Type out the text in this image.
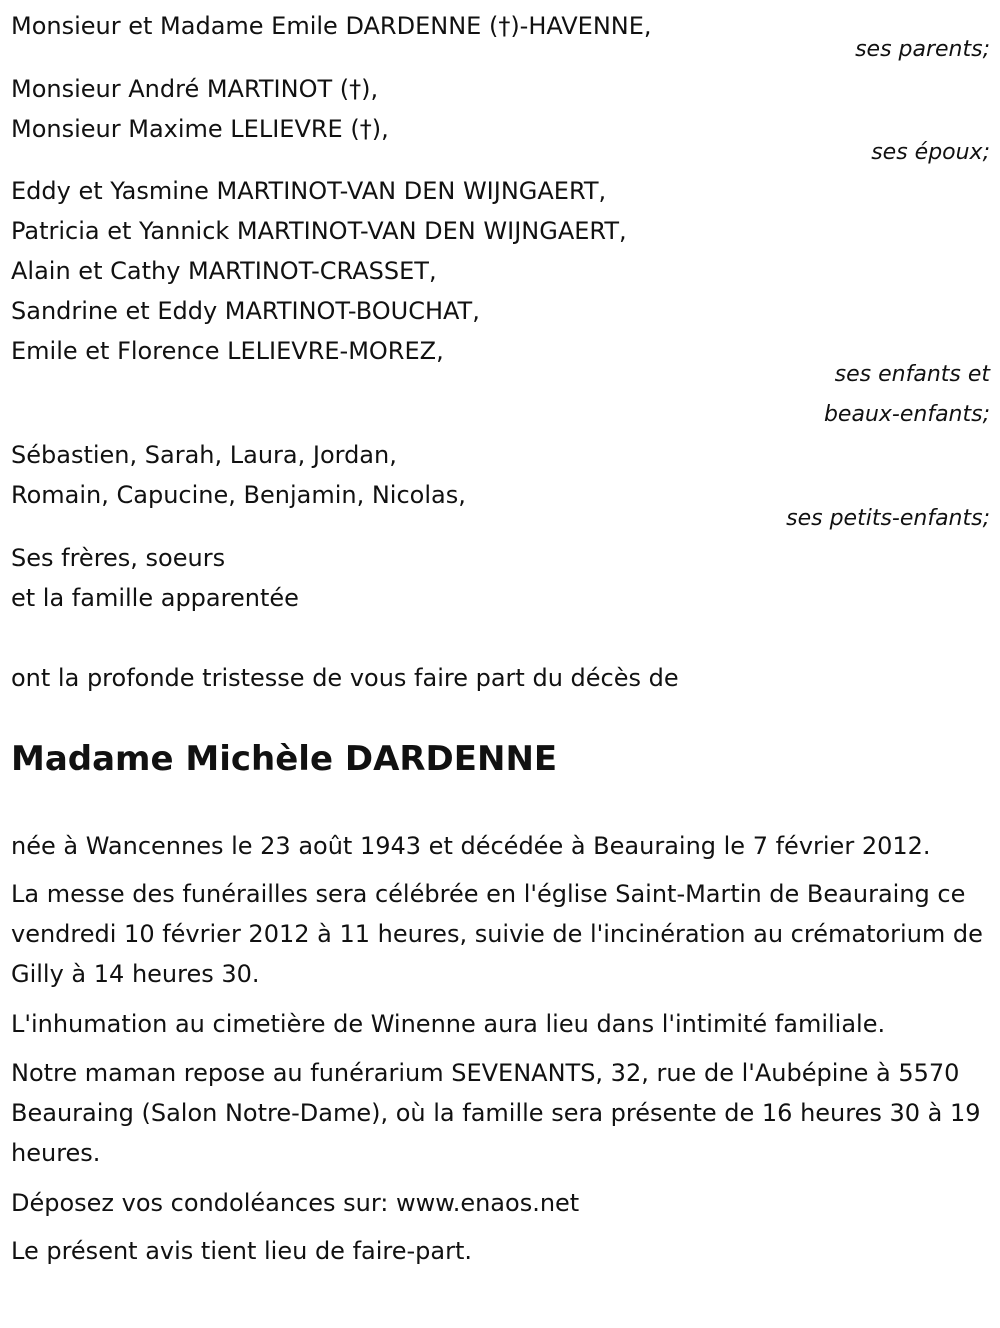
Monsieur et Madame Emile DARDENNE (†)-HAVENNE,
ses parents;
Monsieur André MARTINOT (†),
Monsieur Maxime LELIEVRE (†),
ses époux;
Eddy et Yasmine MARTINOT-VAN DEN WIJNGAERT,
Patricia et Yannick MARTINOT-VAN DEN WIJNGAERT,
Alain et Cathy MARTINOT-CRASSET,
Sandrine et Eddy MARTINOT-BOUCHAT,
Emile et Florence LELIEVRE-MOREZ,
ses enfants et
beaux-enfants;
Sébastien, Sarah, Laura, Jordan,
Romain, Capucine, Benjamin, Nicolas,
ses petits-enfants;
Ses frères, soeurs
et la famille apparentée
ont la profonde tristesse de vous faire part du décès de
Madame Michèle DARDENNE

née à Wancennes le 23 août 1943 et décédée à Beauraing le 7 février 2012.

La messe des funérailles sera célébrée en l'église Saint-Martin de Beauraing ce vendredi 10 février 2012 à 11 heures, suivie de l'incinération au crématorium de Gilly à 14 heures 30.

L'inhumation au cimetière de Winenne aura lieu dans l'intimité familiale.

Notre maman repose au funérarium SEVENANTS, 32, rue de l'Aubépine à 5570 Beauraing (Salon Notre-Dame), où la famille sera présente de 16 heures 30 à 19 heures.

Déposez vos condoléances sur: www.enaos.net

Le présent avis tient lieu de faire-part.
